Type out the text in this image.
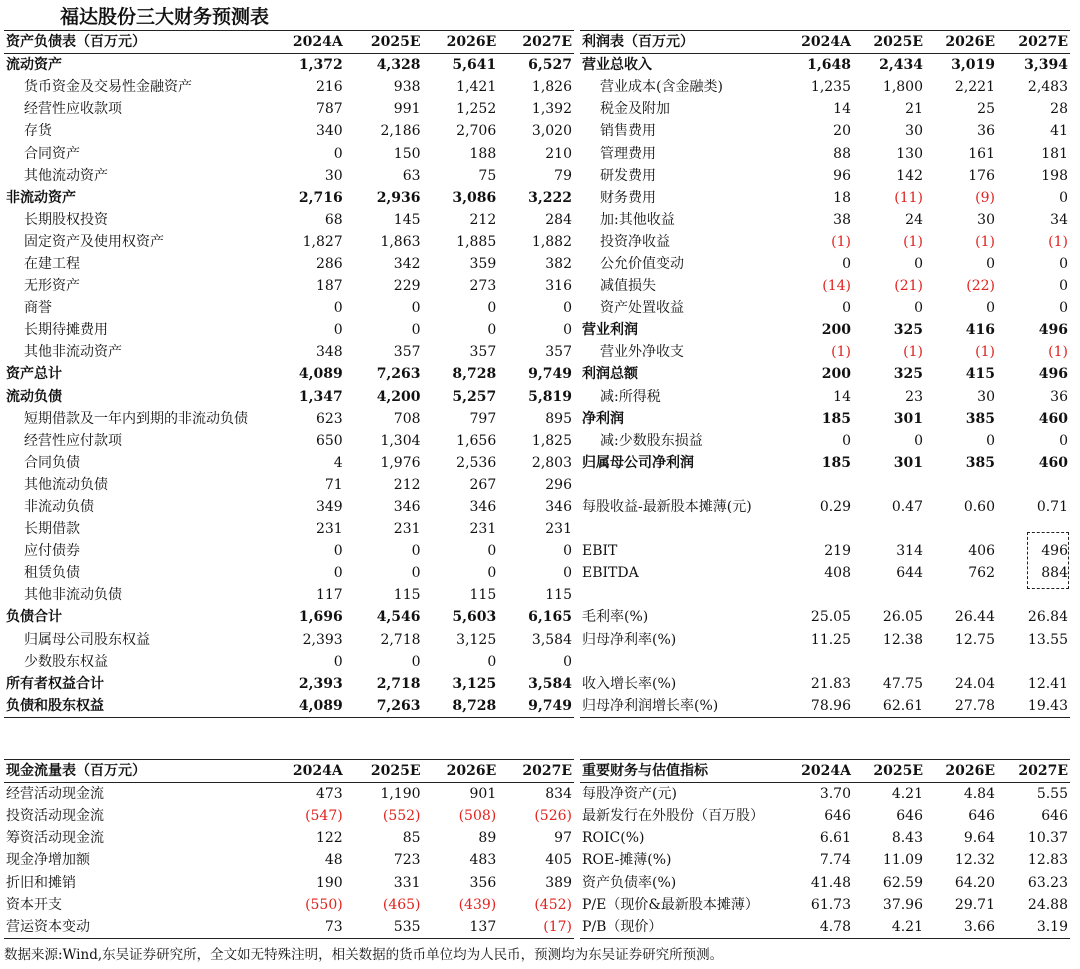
福达股份三大财务预测表
资产负债表（百万元）	2024A	2025E	2026E	2027E
流动资产	1,372	4,328	5,641	6,527
货币资金及交易性金融资产	216	938	1,421	1,826
经营性应收款项	787	991	1,252	1,392
存货	340	2,186	2,706	3,020
合同资产	0	150	188	210
其他流动资产	30	63	75	79
非流动资产	2,716	2,936	3,086	3,222
长期股权投资	68	145	212	284
固定资产及使用权资产	1,827	1,863	1,885	1,882
在建工程	286	342	359	382
无形资产	187	229	273	316
商誉	0	0	0	0
长期待摊费用	0	0	0	0
其他非流动资产	348	357	357	357
资产总计	4,089	7,263	8,728	9,749
流动负债	1,347	4,200	5,257	5,819
短期借款及一年内到期的非流动负债	623	708	797	895
经营性应付款项	650	1,304	1,656	1,825
合同负债	4	1,976	2,536	2,803
其他流动负债	71	212	267	296
非流动负债	349	346	346	346
长期借款	231	231	231	231
应付债券	0	0	0	0
租赁负债	0	0	0	0
其他非流动负债	117	115	115	115
负债合计	1,696	4,546	5,603	6,165
归属母公司股东权益	2,393	2,718	3,125	3,584
少数股东权益	0	0	0	0
所有者权益合计	2,393	2,718	3,125	3,584
负债和股东权益	4,089	7,263	8,728	9,749
利润表（百万元）	2024A	2025E	2026E	2027E
营业总收入	1,648	2,434	3,019	3,394
营业成本(含金融类)	1,235	1,800	2,221	2,483
税金及附加	14	21	25	28
销售费用	20	30	36	41
管理费用	88	130	161	181
研发费用	96	142	176	198
财务费用	18	(11)	(9)	0
加:其他收益	38	24	30	34
投资净收益	(1)	(1)	(1)	(1)
公允价值变动	0	0	0	0
减值损失	(14)	(21)	(22)	0
资产处置收益	0	0	0	0
营业利润	200	325	416	496
营业外净收支	(1)	(1)	(1)	(1)
利润总额	200	325	415	496
减:所得税	14	23	30	36
净利润	185	301	385	460
减:少数股东损益	0	0	0	0
归属母公司净利润	185	301	385	460

每股收益-最新股本摊薄(元)	0.29	0.47	0.60	0.71

EBIT	219	314	406	496
EBITDA	408	644	762	884

毛利率(%)	25.05	26.05	26.44	26.84
归母净利率(%)	11.25	12.38	12.75	13.55

收入增长率(%)	21.83	47.75	24.04	12.41
归母净利润增长率(%)	78.96	62.61	27.78	19.43
现金流量表（百万元）	2024A	2025E	2026E	2027E
经营活动现金流	473	1,190	901	834
投资活动现金流	(547)	(552)	(508)	(526)
筹资活动现金流	122	85	89	97
现金净增加额	48	723	483	405
折旧和摊销	190	331	356	389
资本开支	(550)	(465)	(439)	(452)
营运资本变动	73	535	137	(17)
重要财务与估值指标	2024A	2025E	2026E	2027E
每股净资产(元)	3.70	4.21	4.84	5.55
最新发行在外股份（百万股）	646	646	646	646
ROIC(%)	6.61	8.43	9.64	10.37
ROE-摊薄(%)	7.74	11.09	12.32	12.83
资产负债率(%)	41.48	62.59	64.20	63.23
P/E（现价&最新股本摊薄）	61.73	37.96	29.71	24.88
P/B（现价）	4.78	4.21	3.66	3.19
数据来源:Wind,东吴证券研究所，全文如无特殊注明，相关数据的货币单位均为人民币，预测均为东吴证券研究所预测。
